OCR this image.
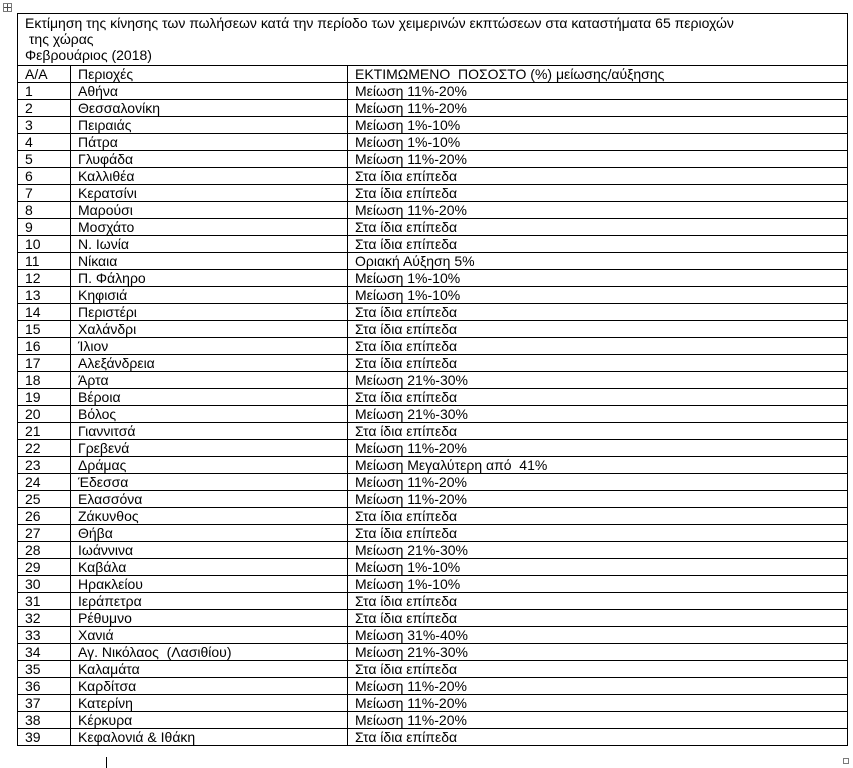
Εκτίμηση της κίνησης των πωλήσεων κατά την περίοδο των χειμερινών εκπτώσεων στα καταστήματα 65 περιοχών
της χώρας
Φεβρουάριος (2018)		

Α/Α	Περιοχές	ΕΚΤΙΜΩΜΕΝΟ  ΠΟΣΟΣΤΟ (%) μείωσης/αύξησης
1	Αθήνα	Μείωση 11%-20%
2	Θεσσαλονίκη	Μείωση 11%-20%
3	Πειραιάς	Μείωση 1%-10%
4	Πάτρα	Μείωση 1%-10%
5	Γλυφάδα	Μείωση 11%-20%
6	Καλλιθέα	Στα ίδια επίπεδα
7	Κερατσίνι	Στα ίδια επίπεδα
8	Μαρούσι	Μείωση 11%-20%
9	Μοσχάτο	Στα ίδια επίπεδα
10	Ν. Ιωνία	Στα ίδια επίπεδα
11	Νίκαια	Οριακή Αύξηση 5%
12	Π. Φάληρο	Μείωση 1%-10%
13	Κηφισιά	Μείωση 1%-10%
14	Περιστέρι	Στα ίδια επίπεδα
15	Χαλάνδρι	Στα ίδια επίπεδα
16	Ίλιον	Στα ίδια επίπεδα
17	Αλεξάνδρεια	Στα ίδια επίπεδα
18	Άρτα	Μείωση 21%-30%
19	Βέροια	Στα ίδια επίπεδα
20	Βόλος	Μείωση 21%-30%
21	Γιαννιτσά	Στα ίδια επίπεδα
22	Γρεβενά	Μείωση 11%-20%
23	Δράμας	Μείωση Μεγαλύτερη από  41%
24	Έδεσσα	Μείωση 11%-20%
25	Ελασσόνα	Μείωση 11%-20%
26	Ζάκυνθος	Στα ίδια επίπεδα
27	Θήβα	Στα ίδια επίπεδα
28	Ιωάννινα	Μείωση 21%-30%
29	Καβάλα	Μείωση 1%-10%
30	Ηρακλείου	Μείωση 1%-10%
31	Ιεράπετρα	Στα ίδια επίπεδα
32	Ρέθυμνο	Στα ίδια επίπεδα
33	Χανιά	Μείωση 31%-40%
34	Αγ. Νικόλαος  (Λασιθίου)	Μείωση 21%-30%
35	Καλαμάτα	Στα ίδια επίπεδα
36	Καρδίτσα	Μείωση 11%-20%
37	Κατερίνη	Μείωση 11%-20%
38	Κέρκυρα	Μείωση 11%-20%
39	Κεφαλονιά & Ιθάκη	Στα ίδια επίπεδα
